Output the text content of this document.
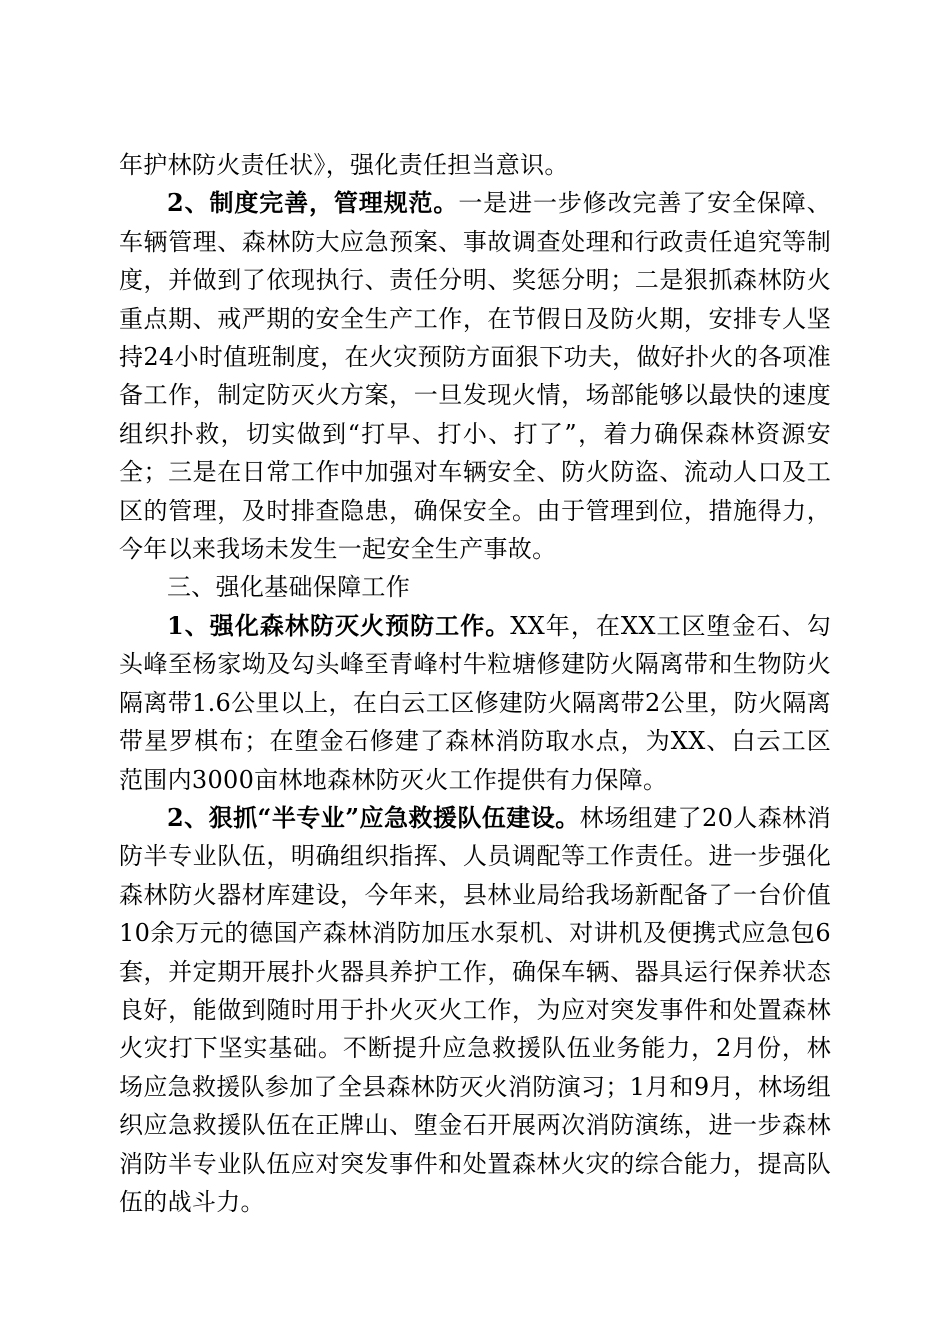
年护林防火责任状》，强化责任担当意识。

2、制度完善，管理规范。一是进一步修改完善了安全保障、车辆管理、森林防大应急预案、事故调查处理和行政责任追究等制度，并做到了依现执行、责任分明、奖惩分明；二是狠抓森林防火重点期、戒严期的安全生产工作，在节假日及防火期，安排专人坚持24小时值班制度，在火灾预防方面狠下功夫，做好扑火的各项准备工作，制定防灭火方案，一旦发现火情，场部能够以最快的速度组织扑救，切实做到“打早、打小、打了”，着力确保森林资源安全；三是在日常工作中加强对车辆安全、防火防盗、流动人口及工区的管理，及时排查隐患，确保安全。由于管理到位，措施得力，今年以来我场未发生一起安全生产事故。

三、强化基础保障工作

1、强化森林防灭火预防工作。XX年，在XX工区堕金石、勾头峰至杨家坳及勾头峰至青峰村牛粒塘修建防火隔离带和生物防火隔离带1.6公里以上，在白云工区修建防火隔离带2公里，防火隔离带星罗棋布；在堕金石修建了森林消防取水点，为XX、白云工区范围内3000亩林地森林防灭火工作提供有力保障。

2、狠抓“半专业”应急救援队伍建设。林场组建了20人森林消防半专业队伍，明确组织指挥、人员调配等工作责任。进一步强化森林防火器材库建设，今年来，县林业局给我场新配备了一台价值10余万元的德国产森林消防加压水泵机、对讲机及便携式应急包6套，并定期开展扑火器具养护工作，确保车辆、器具运行保养状态良好，能做到随时用于扑火灭火工作，为应对突发事件和处置森林火灾打下坚实基础。不断提升应急救援队伍业务能力，2月份，林场应急救援队参加了全县森林防灭火消防演习；1月和9月，林场组织应急救援队伍在正牌山、堕金石开展两次消防演练，进一步森林消防半专业队伍应对突发事件和处置森林火灾的综合能力，提高队伍的战斗力。
